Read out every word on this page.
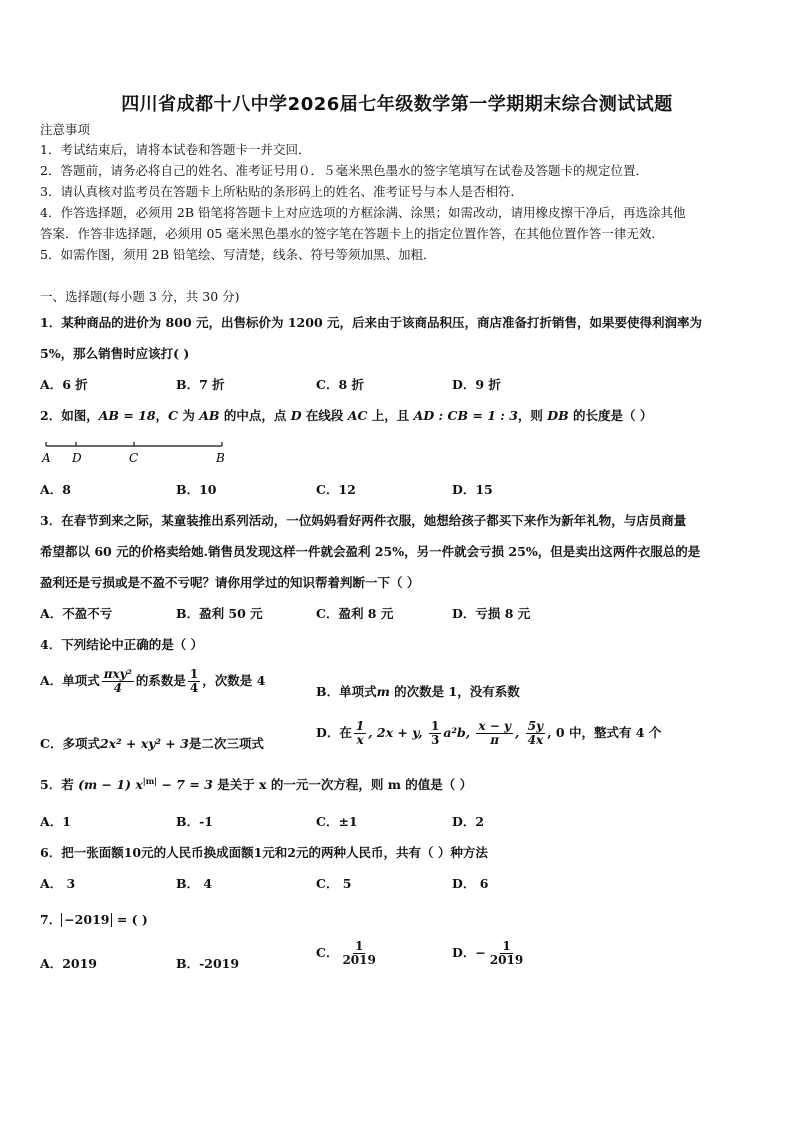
四川省成都十八中学2026届七年级数学第一学期期末综合测试试题
注意事项
1．考试结束后，请将本试卷和答题卡一并交回．
2．答题前，请务必将自己的姓名、准考证号用０．５毫米黑色墨水的签字笔填写在试卷及答题卡的规定位置．
3．请认真核对监考员在答题卡上所粘贴的条形码上的姓名、准考证号与本人是否相符．
4．作答选择题，必须用 2B 铅笔将答题卡上对应选项的方框涂满、涂黑；如需改动，请用橡皮擦干净后，再选涂其他
答案．作答非选择题，必须用 05 毫米黑色墨水的签字笔在答题卡上的指定位置作答，在其他位置作答一律无效．
5．如需作图，须用 2B 铅笔绘、写清楚，线条、符号等须加黑、加粗．
一、选择题(每小题 3 分，共 30 分)
1．某种商品的进价为 800 元，出售标价为 1200 元，后来由于该商品积压，商店准备打折销售，如果要使得利润率为
5%，那么销售时应该打( )
A．6 折	B．7 折	C．8 折	D．9 折
2．如图，AB = 18，C 为 AB 的中点，点 D 在线段 AC 上，且 AD : CB = 1 : 3，则 DB 的长度是（ ）
A D	C	B
A．8	B．10	C．12	D．15
3．在春节到来之际，某童装推出系列活动，一位妈妈看好两件衣服，她想给孩子都买下来作为新年礼物，与店员商量
希望都以 60 元的价格卖给她.销售员发现这样一件就会盈利 25%，另一件就会亏损 25%，但是卖出这两件衣服总的是
盈利还是亏损或是不盈不亏呢？请你用学过的知识帮着判断一下（ ）
A．不盈不亏	B．盈利 50 元	C．盈利 8 元	D．亏损 8 元
4．下列结论中正确的是（ ）
A．单项式 $\frac{\text{πxy²}}{4}$ 的系数是 $\frac{1}{4}$ ，次数是 4
B．单项式m 的次数是 1，没有系数
C．多项式2x² + xy² + 3是二次三项式
D．在 $\frac{1}{x}$ , 2x + y, $\frac{1}{3} a^2b$, $\frac{x - y}{\pi}$ , $\frac{5y}{4x}$ , 0 中，整式有 4 个
5．若 (m − 1) $x^{|m|} - 7 = 3$ 是关于 x 的一元一次方程，则 m 的值是（ ）
A．1	B．-1	C．±1	D．2
6．把一张面额10元的人民币换成面额1元和2元的两种人民币，共有（ ）种方法
A． 3	B． 4	C． 5	D． 6
7． −2019 = ( )
A．2019	B．-2019
C． $\frac{1}{2019}$	D．− $\frac{1}{2019}$
